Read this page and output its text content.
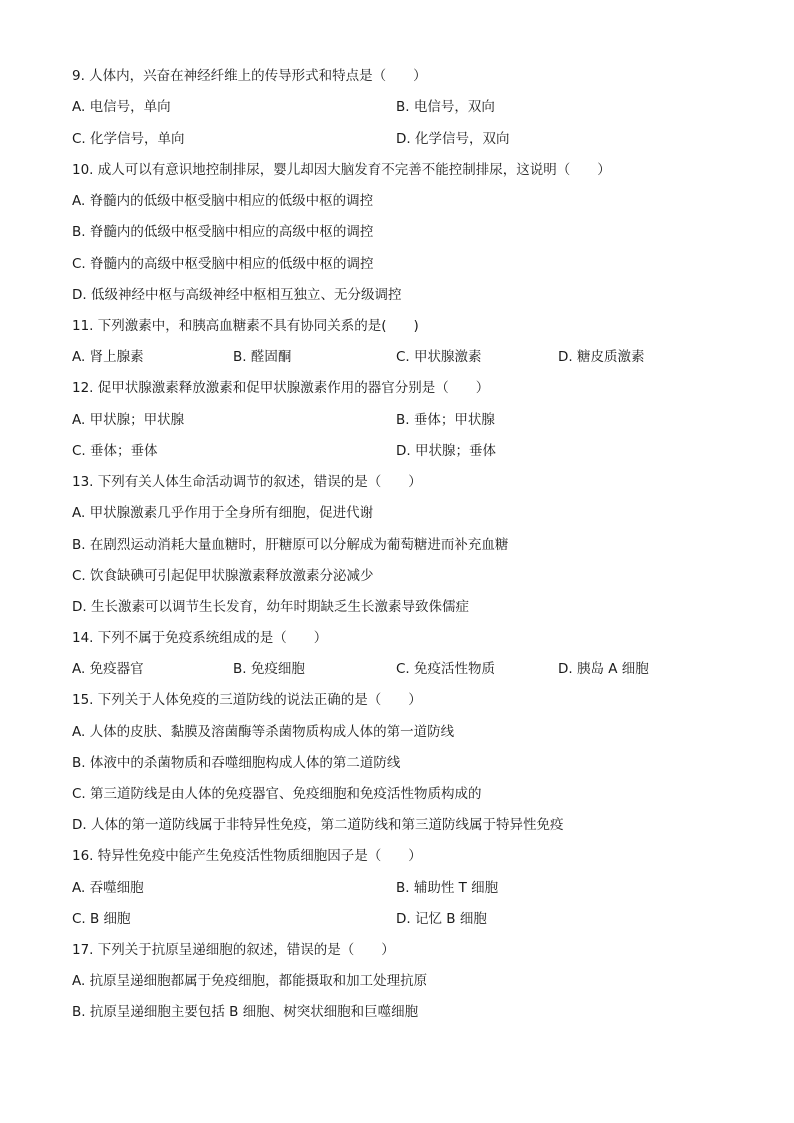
9. 人体内，兴奋在神经纤维上的传导形式和特点是（　　）
A. 电信号，单向	B. 电信号，双向
C. 化学信号，单向	D. 化学信号，双向
10. 成人可以有意识地控制排尿，婴儿却因大脑发育不完善不能控制排尿，这说明（　　）
A. 脊髓内的低级中枢受脑中相应的低级中枢的调控
B. 脊髓内的低级中枢受脑中相应的高级中枢的调控
C. 脊髓内的高级中枢受脑中相应的低级中枢的调控
D. 低级神经中枢与高级神经中枢相互独立、无分级调控
11. 下列激素中，和胰高血糖素不具有协同关系的是(　　)
A. 肾上腺素	B. 醛固酮	C. 甲状腺激素	D. 糖皮质激素
12. 促甲状腺激素释放激素和促甲状腺激素作用的器官分别是（　　）
A. 甲状腺；甲状腺	B. 垂体；甲状腺
C. 垂体；垂体	D. 甲状腺；垂体
13. 下列有关人体生命活动调节的叙述，错误的是（　　）
A. 甲状腺激素几乎作用于全身所有细胞，促进代谢
B. 在剧烈运动消耗大量血糖时，肝糖原可以分解成为葡萄糖进而补充血糖
C. 饮食缺碘可引起促甲状腺激素释放激素分泌减少
D. 生长激素可以调节生长发育，幼年时期缺乏生长激素导致侏儒症
14. 下列不属于免疫系统组成的是（　　）
A. 免疫器官	B. 免疫细胞	C. 免疫活性物质	D. 胰岛 A 细胞
15. 下列关于人体免疫的三道防线的说法正确的是（　　）
A. 人体的皮肤、黏膜及溶菌酶等杀菌物质构成人体的第一道防线
B. 体液中的杀菌物质和吞噬细胞构成人体的第二道防线
C. 第三道防线是由人体的免疫器官、免疫细胞和免疫活性物质构成的
D. 人体的第一道防线属于非特异性免疫，第二道防线和第三道防线属于特异性免疫
16. 特异性免疫中能产生免疫活性物质细胞因子是（　　）
A. 吞噬细胞	B. 辅助性 T 细胞
C. B 细胞	D. 记忆 B 细胞
17. 下列关于抗原呈递细胞的叙述，错误的是（　　）
A. 抗原呈递细胞都属于免疫细胞，都能摄取和加工处理抗原
B. 抗原呈递细胞主要包括 B 细胞、树突状细胞和巨噬细胞
